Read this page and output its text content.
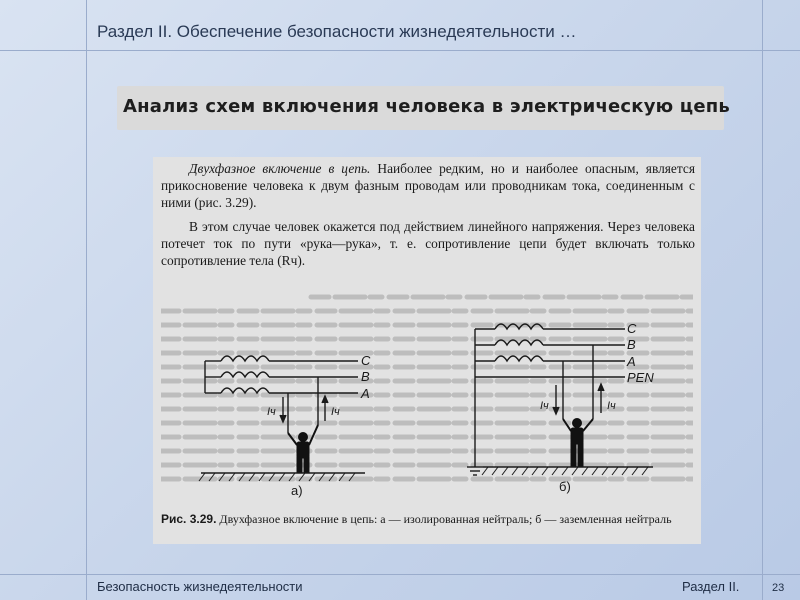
Раздел II. Обеспечение безопасности жизнедеятельности …
Анализ схем включения человека в электрическую цепь

Двухфазное включение в цепь. Наиболее редким, но и наиболее опасным, является прикосновение человека к двум фазным проводам или проводникам тока, соединенным с ними (рис. 3.29).

В этом случае человек окажется под действием линейного напряжения. Через человека потечет ток по пути «рука—рука», т. е. сопротивление цепи будет включать только сопротивление тела (Rч).

C
B
A
Iч	Iч
а)
C
B
A
PEN
Iч	Iч
б)

Рис. 3.29. Двухфазное включение в цепь: а — изолированная нейтраль; б — заземленная нейтраль

Безопасность жизнедеятельности	Раздел II.	23
